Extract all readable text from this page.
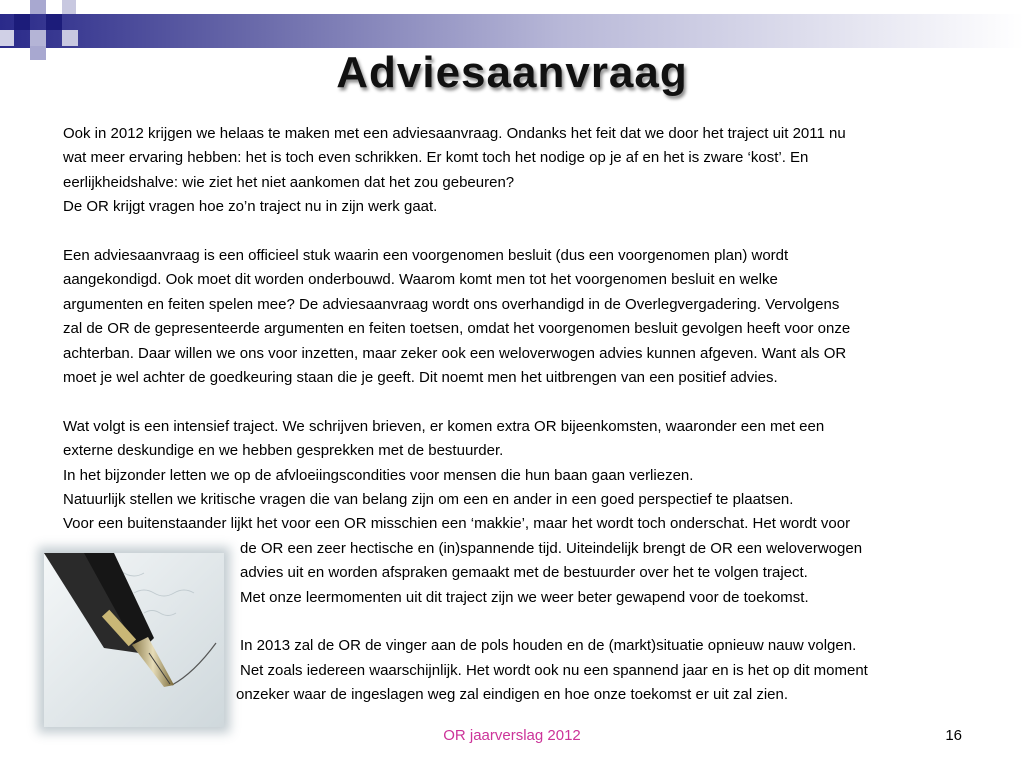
Adviesaanvraag

Ook in 2012 krijgen we helaas te maken met een adviesaanvraag. Ondanks het feit dat we door het traject uit 2011 nu

wat meer ervaring hebben: het is toch even schrikken. Er komt toch het nodige op je af en het is zware ‘kost’. En

eerlijkheidshalve: wie ziet het niet aankomen dat het zou gebeuren?

De OR krijgt vragen hoe zo’n traject nu in zijn werk gaat.

Een adviesaanvraag is een officieel stuk waarin een voorgenomen besluit (dus een voorgenomen plan) wordt

aangekondigd. Ook moet dit worden onderbouwd. Waarom komt men tot het voorgenomen besluit en welke

argumenten en feiten spelen mee? De adviesaanvraag wordt ons overhandigd in de Overlegvergadering. Vervolgens

zal de OR de gepresenteerde argumenten en feiten toetsen, omdat het voorgenomen besluit gevolgen heeft voor onze

achterban. Daar willen we ons voor inzetten, maar zeker ook een weloverwogen advies kunnen afgeven. Want als OR

moet je wel achter de goedkeuring staan die je geeft. Dit noemt men het uitbrengen van een positief advies.

Wat volgt is een intensief traject. We schrijven brieven, er komen extra OR bijeenkomsten, waaronder een met een

externe deskundige en we hebben gesprekken met de bestuurder.

In het bijzonder letten we op de afvloeiingscondities voor mensen die hun baan gaan verliezen.

Natuurlijk stellen we kritische vragen die van belang zijn om een en ander in een goed perspectief te plaatsen.

Voor een buitenstaander lijkt het voor een OR misschien een ‘makkie’, maar het wordt toch onderschat. Het wordt voor

de OR een zeer hectische en (in)spannende tijd. Uiteindelijk brengt de OR een weloverwogen

advies uit en worden afspraken gemaakt met de bestuurder over het te volgen traject.

Met onze leermomenten uit dit traject zijn we weer beter gewapend voor de toekomst.

In 2013 zal de OR de vinger aan de pols houden en de (markt)situatie opnieuw nauw volgen.

Net zoals iedereen waarschijnlijk. Het wordt ook nu een spannend jaar en is het op dit moment

onzeker waar de ingeslagen weg zal eindigen en hoe onze toekomst er uit zal zien.

OR jaarverslag 2012	16
